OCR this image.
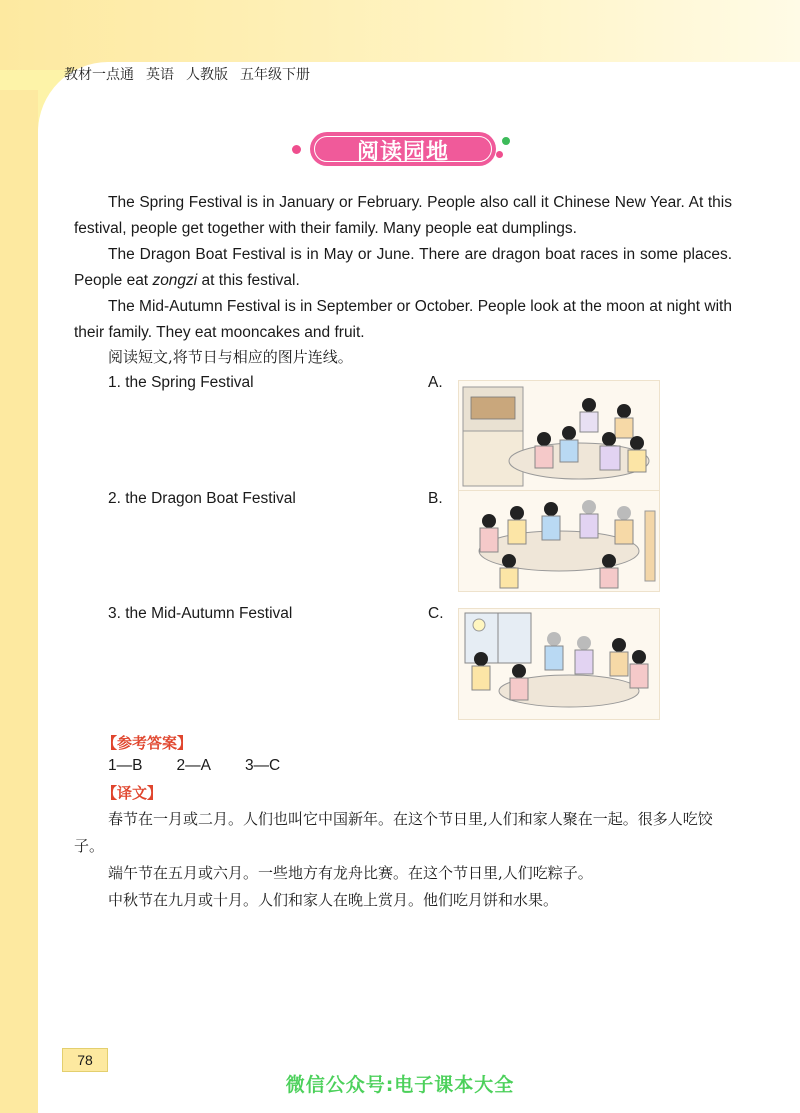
教材一点通 英语 人教版 五年级下册
阅读园地

The Spring Festival is in January or February. People also call it Chinese New Year. At this festival, people get together with their family. Many people eat dumplings.

The Dragon Boat Festival is in May or June. There are dragon boat races in some places. People eat zongzi at this festival.

The Mid-Autumn Festival is in September or October. People look at the moon at night with their family. They eat mooncakes and fruit.

阅读短文,将节日与相应的图片连线。
1. the Spring Festival	A.
2. the Dragon Boat Festival	B.
3. the Mid-Autumn Festival	C.
【参考答案】
1—B 2—A 3—C
【译文】

春节在一月或二月。人们也叫它中国新年。在这个节日里,人们和家人聚在一起。很多人吃饺子。

端午节在五月或六月。一些地方有龙舟比赛。在这个节日里,人们吃粽子。

中秋节在九月或十月。人们和家人在晚上赏月。他们吃月饼和水果。

78
微信公众号:电子课本大全
